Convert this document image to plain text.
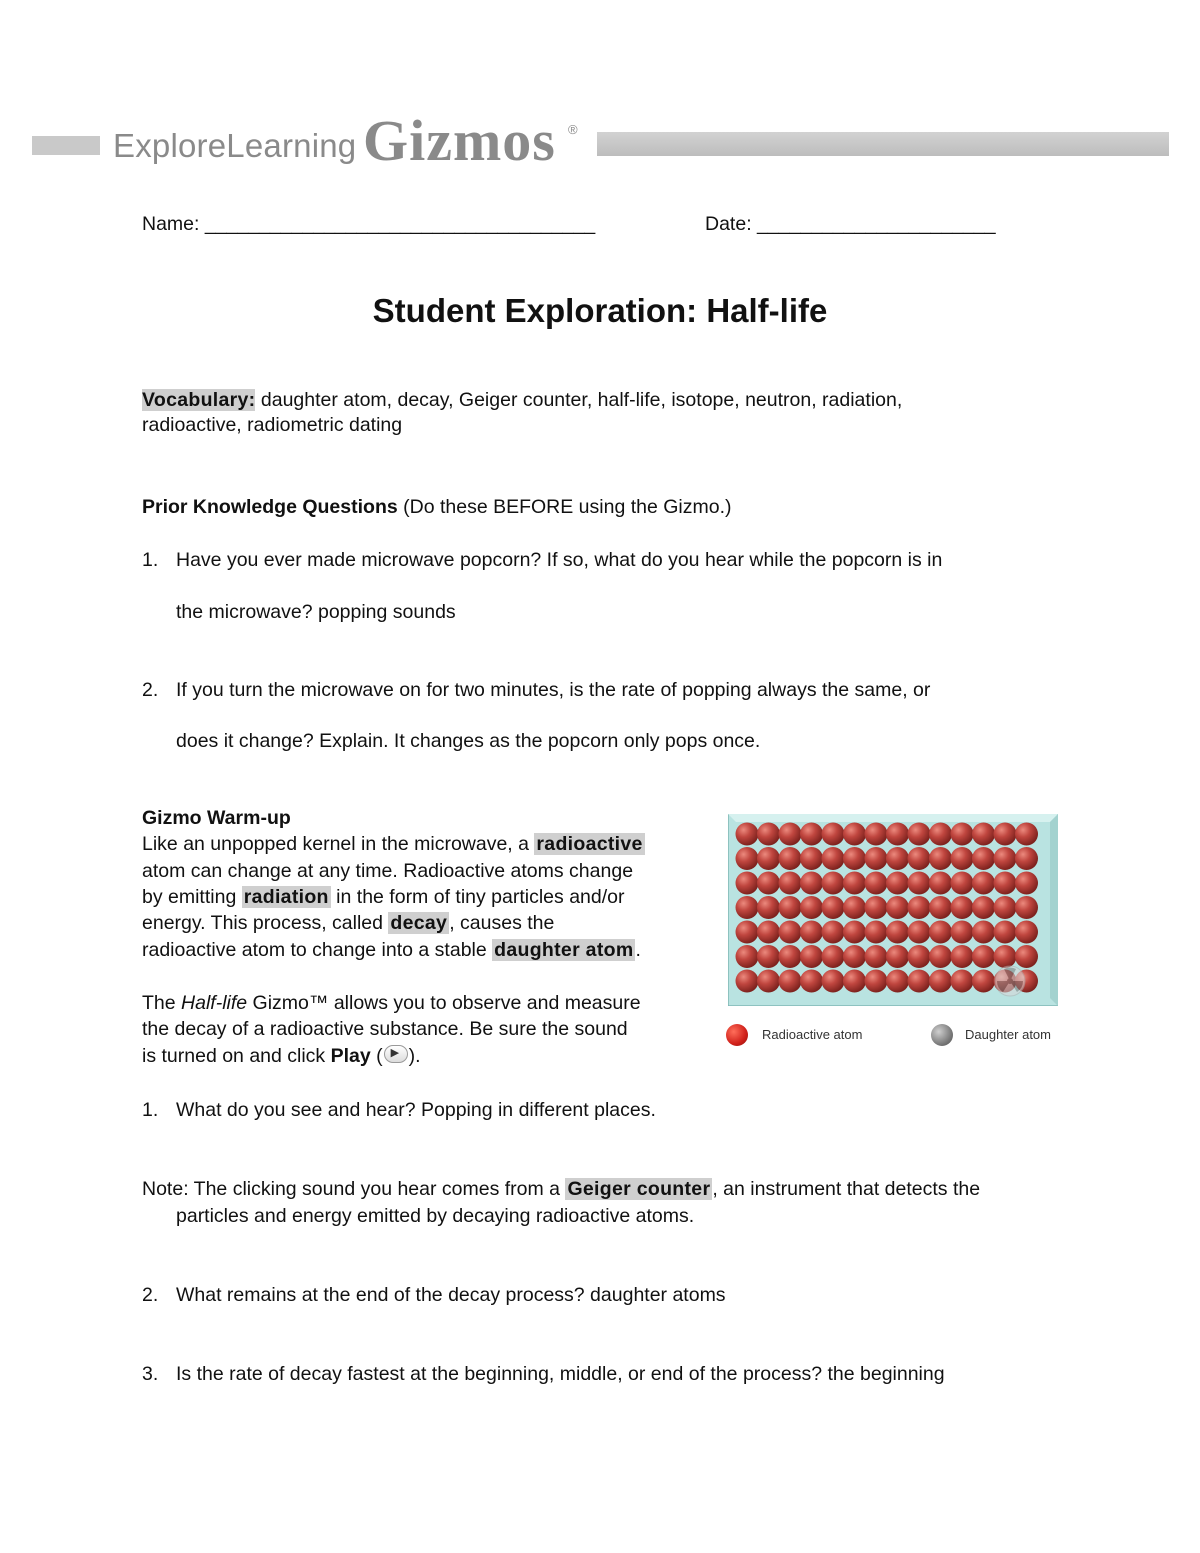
ExploreLearning Gizmos ®
Name: ____________________________________	Date: ______________________
Student Exploration: Half-life
Vocabulary: daughter atom, decay, Geiger counter, half-life, isotope, neutron, radiation,
radioactive, radiometric dating
Prior Knowledge Questions (Do these BEFORE using the Gizmo.)
1. Have you ever made microwave popcorn? If so, what do you hear while the popcorn is in
the microwave? popping sounds
2. If you turn the microwave on for two minutes, is the rate of popping always the same, or
does it change? Explain. It changes as the popcorn only pops once.
Gizmo Warm-up
Like an unpopped kernel in the microwave, a radioactive
atom can change at any time. Radioactive atoms change
by emitting radiation in the form of tiny particles and/or
energy. This process, called decay , causes the
radioactive atom to change into a stable daughter atom .
The Half-life Gizmo™ allows you to observe and measure
the decay of a radioactive substance. Be sure the sound
is turned on and click Play ( ▶ ).
Radioactive atom	Daughter atom
1. What do you see and hear? Popping in different places.
Note: The clicking sound you hear comes from a Geiger counter , an instrument that detects the
particles and energy emitted by decaying radioactive atoms.
2. What remains at the end of the decay process? daughter atoms
3. Is the rate of decay fastest at the beginning, middle, or end of the process? the beginning
